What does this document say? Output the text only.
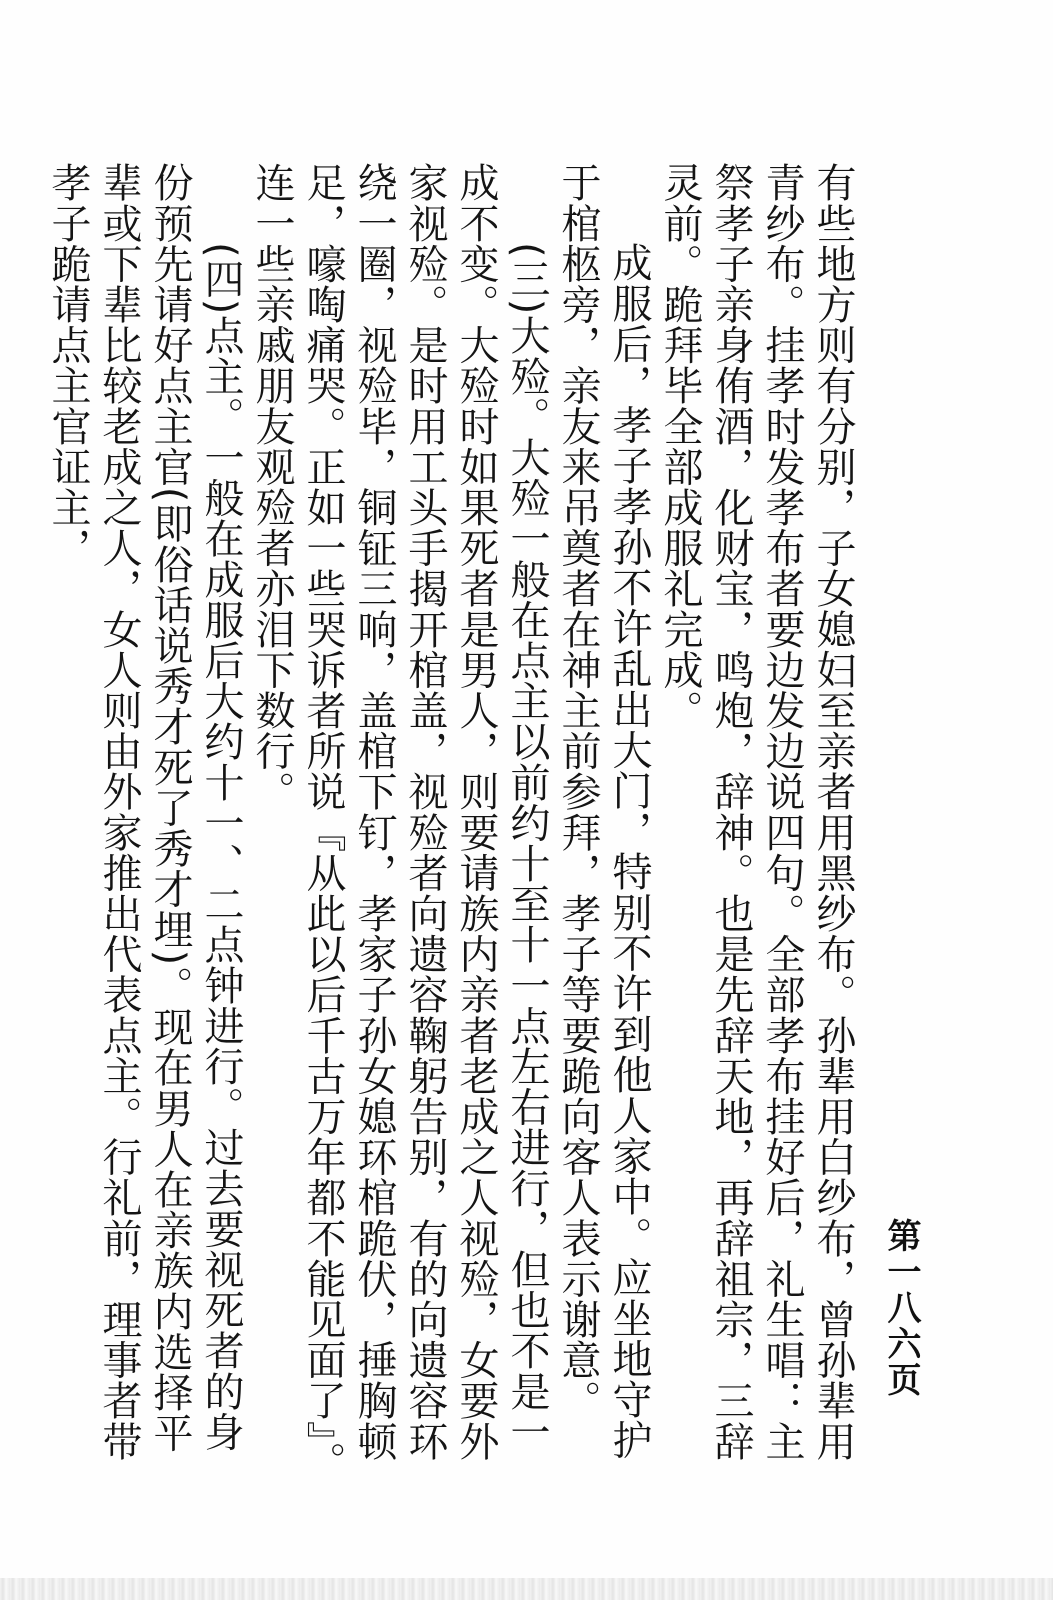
第一八六页

有些地方则有分别，子女媳妇至亲者用黑纱布。孙辈用白纱布，曾孙辈用青纱布。挂孝时发孝布者要边发边说四句。全部孝布挂好后，礼生唱：主祭孝子亲身侑酒，化财宝，鸣炮，辞神。也是先辞天地，再辞祖宗，三辞灵前。跪拜毕全部成服礼完成。

成服后，孝子孝孙不许乱出大门，特别不许到他人家中。应坐地守护于棺柩旁，亲友来吊奠者在神主前参拜，孝子等要跪向客人表示谢意。

(三)大殓。大殓一般在点主以前约十至十一点左右进行，但也不是一成不变。大殓时如果死者是男人，则要请族内亲者老成之人视殓，女要外家视殓。是时用工头手揭开棺盖，视殓者向遗容鞠躬告别，有的向遗容环绕一圈，视殓毕，铜钲三响，盖棺下钉，孝家子孙女媳环棺跪伏，捶胸顿足，嚎啕痛哭。正如一些哭诉者所说『从此以后千古万年都不能见面了』。连一些亲戚朋友观殓者亦泪下数行。

(四)点主。一般在成服后大约十一、二点钟进行。过去要视死者的身份预先请好点主官(即俗话说秀才死了秀才埋)。现在男人在亲族内选择平辈或下辈比较老成之人，女人则由外家推出代表点主。行礼前，理事者带孝子跪请点主官证主，
